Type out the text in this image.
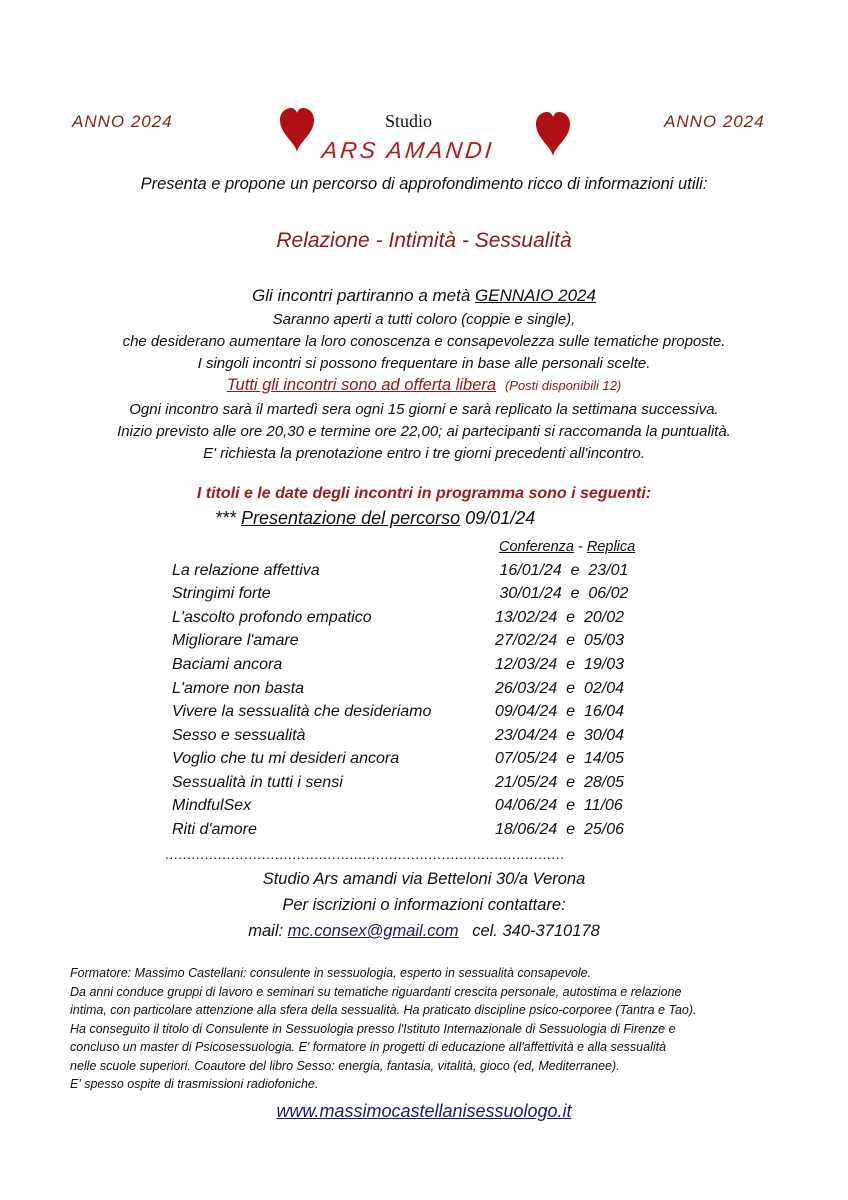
ANNO 2024	ANNO 2024
Studio
ARS AMANDI
Presenta e propone un percorso di approfondimento ricco di informazioni utili:
Relazione - Intimità - Sessualità
Gli incontri partiranno a metà GENNAIO 2024
Saranno aperti a tutti coloro (coppie e single),
che desiderano aumentare la loro conoscenza e consapevolezza sulle tematiche proposte.
I singoli incontri si possono frequentare in base alle personali scelte.
Tutti gli incontri sono ad offerta libera (Posti disponibili 12)
Ogni incontro sarà il martedì sera ogni 15 giorni e sarà replicato la settimana successiva.
Inizio previsto alle ore 20,30 e termine ore 22,00; ai partecipanti si raccomanda la puntualità.
E' richiesta la prenotazione entro i tre giorni precedenti all'incontro.
I titoli e le date degli incontri in programma sono i seguenti:
*** Presentazione del percorso 09/01/24
Conferenza - Replica
La relazione affettiva	16/01/24  e  23/01
Stringimi forte	30/01/24  e  06/02
L'ascolto profondo empatico	13/02/24  e  20/02
Migliorare l'amare	27/02/24  e  05/03
Baciami ancora	12/03/24  e  19/03
L'amore non basta	26/03/24  e  02/04
Vivere la sessualità che desideriamo	09/04/24  e  16/04
Sesso e sessualità	23/04/24  e  30/04
Voglio che tu mi desideri ancora	07/05/24  e  14/05
Sessualità in tutti i sensi	21/05/24  e  28/05
MindfulSex	04/06/24  e  11/06
Riti d'amore	18/06/24  e  25/06
...........................................................................................
Studio Ars amandi via Betteloni 30/a Verona
Per iscrizioni o informazioni contattare:
mail: mc.consex@gmail.com cel. 340-3710178
Formatore: Massimo Castellani: consulente in sessuologia, esperto in sessualità consapevole.
Da anni conduce gruppi di lavoro e seminari su tematiche riguardanti crescita personale, autostima e relazione
intima, con particolare attenzione alla sfera della sessualità. Ha praticato discipline psico-corporee (Tantra e Tao).
Ha conseguito il titolo di Consulente in Sessuologia presso l'Istituto Internazionale di Sessuologia di Firenze e
concluso un master di Psicosessuologia. E' formatore in progetti di educazione all'affettività e alla sessualità
nelle scuole superiori. Coautore del libro Sesso: energia, fantasia, vitalità, gioco (ed, Mediterranee).
E' spesso ospite di trasmissioni radiofoniche.
www.massimocastellanisessuologo.it
